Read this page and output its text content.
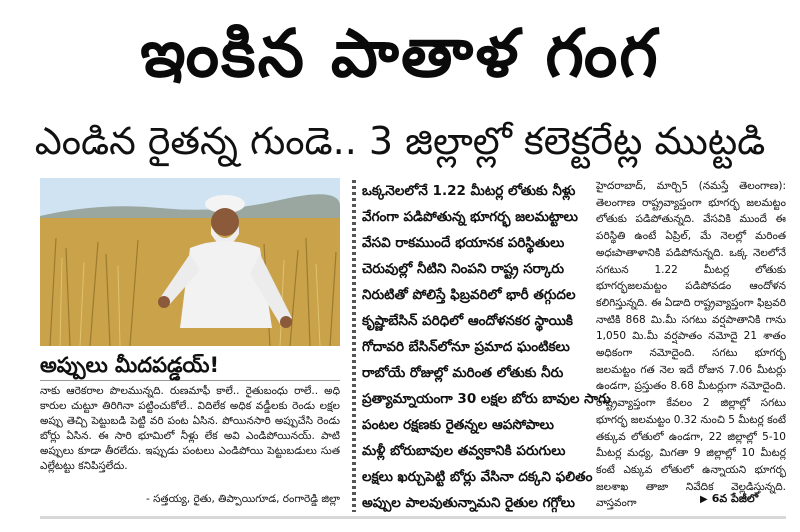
ఇంకిన పాతాళ గంగ
ఎండిన రైతన్న గుండె.. 3 జిల్లాల్లో కలెక్టరేట్ల ముట్టడి
అప్పులు మీదపడ్డయ్!
నాకు ఆరెకరాల పొలమున్నది. రుణమాఫీ కాలే.. రైతుబంధు రాలే.. అధి కారుల చుట్టూ తిరిగినా పట్టించుకోలే.. విదిలేక అధిక వడ్డీలకు రెండు లక్షల అప్పు తెచ్చి పెట్టుబడి పెట్టి వరి పంట ఏసిన. పోయినసారి అప్పుచేసి రెండు బోర్లు ఏసిన. ఈ సారి భూమిలో నీళ్లు లేక అవి ఎండిపోయినయ్. పాటి అప్పులు కూడా తీరలేదు. ఇప్పుడు పంటలు ఎండిపోయి పెట్టుబడులు సుత ఎల్లేటట్టు కనిపిస్తలేదు.
- సత్తయ్య, రైతు, తిప్పాయిగూడ, రంగారెడ్డి జిల్లా
ఒక్కనెలలోనే 1.22 మీటర్ల లోతుకు నీళ్లు
వేగంగా పడిపోతున్న భూగర్భ జలమట్టాలు
వేసవి రాకముందే భయానక పరిస్థితులు
చెరువుల్లో నీటిని నింపని రాష్ట్ర సర్కారు
నిరుటితో పోలిస్తే ఫిబ్రవరిలో భారీ తగ్గుదల
కృష్ణాబేసిన్ పరిధిలో ఆందోళనకర స్థాయికి
గోదావరి బేసిన్‌లోనూ ప్రమాద ఘంటికలు
రాబోయే రోజుల్లో మరింత లోతుకు నీరు
ప్రత్యామ్నాయంగా 30 లక్షల బోరు బావుల సాగు
పంటల రక్షణకు రైతన్నల ఆపసోపాలు
మళ్లీ బోరుబావుల తవ్వకానికి పరుగులు
లక్షలు ఖర్చుపెట్టి బోర్లు వేసినా దక్కని ఫలితం
అప్పుల పాలవుతున్నామని రైతుల గగ్గోలు
హైదరాబాద్, మార్చి5 (నమస్తే తెలంగాణ): తెలంగాణ రాష్ట్రవ్యాప్తంగా భూగర్భ జలమట్టం లోతుకు పడిపోతున్నది. వేసవికి ముందే ఈ పరిస్థితి ఉంటే ఏప్రిల్, మే నెలల్లో మరింత అధఃపాతాళానికి పడిపోనున్నది. ఒక్క నెలలోనే సగటున 1.22 మీటర్ల లోతుకు భూగర్భజలమట్టం పడిపోవడం ఆందోళన కలిగిస్తున్నది. ఈ ఏడాది రాష్ట్రవ్యాప్తంగా ఫిబ్రవరి నాటికి 868 మి.మీ సగటు వర్షపాతానికి గాను 1,050 మి.మీ వర్షపాతం నమోదై 21 శాతం అధికంగా నమోదైంది. సగటు భూగర్భ జలమట్టం గత నెల ఇదే రోజున 7.06 మీటర్లు ఉండగా, ప్రస్తుతం 8.68 మీటర్లుగా నమోదైంది. రాష్ట్రవ్యాప్తంగా కేవలం 2 జిల్లాల్లో సగటు భూగర్భ జలమట్టం 0.32 నుంచి 5 మీటర్ల కంటే తక్కువ లోతులో ఉండగా, 22 జిల్లాల్లో 5-10 మీటర్ల మధ్య, మిగతా 9 జిల్లాల్లో 10 మీటర్ల కంటే ఎక్కువ లోతులో ఉన్నాయని భూగర్భ జలశాఖ తాజా నివేదిక వెల్లడిస్తున్నది. వాస్తవంగా	▶ 6వ పేజీలో
